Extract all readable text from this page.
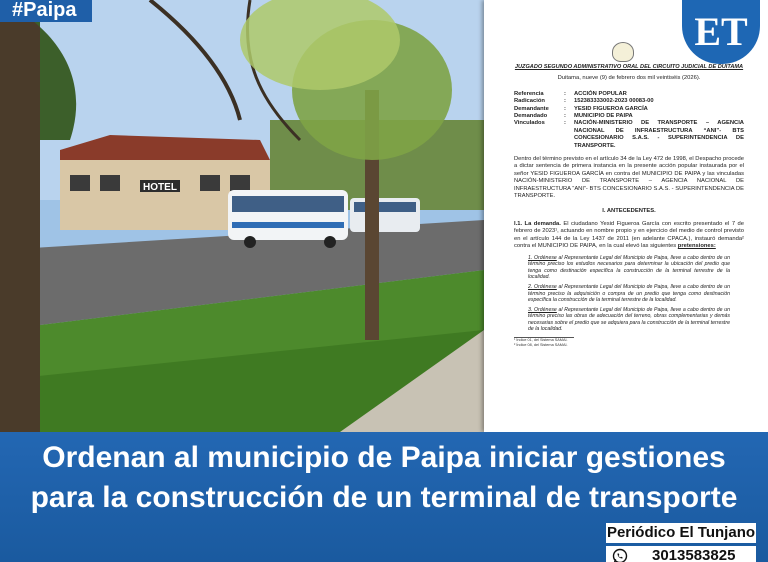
HOTEL
#Paipa	ET
JUZGADO SEGUNDO ADMINISTRATIVO ORAL DEL CIRCUITO JUDICIAL DE DUITAMA
Duitama, nueve (9) de febrero dos mil veintiséis (2026).
Referencia	:	ACCIÓN POPULAR
Radicación	:	152383333002-2023 00083-00
Demandante	:	YESID FIGUEROA GARCÍA
Demandado	:	MUNICIPIO DE PAIPA
Vinculados	:	NACIÓN-MINISTERIO DE TRANSPORTE – AGENCIA NACIONAL DE INFRAESTRUCTURA “ANI”- BTS CONCESIONARIO S.A.S. - SUPERINTENDENCIA DE TRANSPORTE.
Dentro del término previsto en el artículo 34 de la Ley 472 de 1998, el Despacho procede a dictar sentencia de primera instancia en la presente acción popular instaurada por el señor YESID FIGUEROA GARCÍA en contra del MUNICIPIO DE PAIPA y las vinculadas NACIÓN-MINISTERIO DE TRANSPORTE – AGENCIA NACIONAL DE INFRAESTRUCTURA “ANI”- BTS CONCESIONARIO S.A.S. - SUPERINTENDENCIA DE TRANSPORTE.
I. ANTECEDENTES.
I.1. La demanda. El ciudadano Yesid Figueroa García con escrito presentado el 7 de febrero de 2023¹, actuando en nombre propio y en ejercicio del medio de control previsto en el artículo 144 de la Ley 1437 de 2011 (en adelante CPACA.), instauró demanda² contra el MUNICIPIO DE PAIPA, en la cual elevó las siguientes pretensiones:
1. Ordénese al Representante Legal del Municipio de Paipa, lleve a cabo dentro de un término preciso los estudios necesarios para determinar la ubicación del predio que tenga como destinación específica la construcción de la terminal terrestre de la localidad.
2. Ordénese al Representante Legal del Municipio de Paipa, lleve a cabo dentro de un término preciso la adquisición o compra de un predio que tenga como destinación específica la construcción de la terminal terrestre de la localidad.
3. Ordénese al Representante Legal del Municipio de Paipa, lleve a cabo dentro de un término preciso las obras de adecuación del terreno, obras complementarias y demás necesarias sobre el predio que se adquiera para la construcción de la terminal terrestre de la localidad.
¹ Índice 01, del Sistema SAMAI.
² Índice 08, del Sistema SAMAI.
Ordenan al municipio de Paipa iniciar gestiones
para la construcción de un terminal de transporte
Periódico El Tunjano
3013583825
